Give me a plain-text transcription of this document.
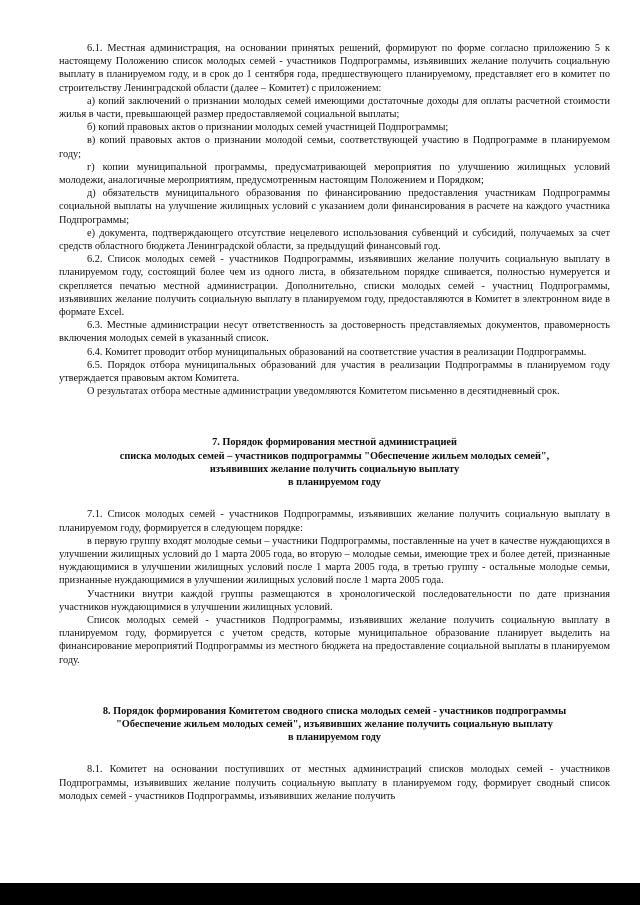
6.1. Местная администрация, на основании принятых решений, формируют по форме согласно приложению 5 к настоящему Положению список молодых семей - участников Подпрограммы, изъявивших желание получить социальную выплату в планируемом году, и в срок до 1 сентября года, предшествующего планируемому, представляет его в комитет по строительству Ленинградской области (далее – Комитет) с приложением:

а) копий заключений о признании молодых семей имеющими достаточные доходы для оплаты расчетной стоимости жилья в части, превышающей размер предоставляемой социальной выплаты;

б) копий правовых актов о признании молодых семей участницей Подпрограммы;

в) копий правовых актов о признании молодой семьи, соответствующей участию в Подпрограмме в планируемом году;

г) копии муниципальной программы, предусматривающей мероприятия по улучшению жилищных условий молодежи, аналогичные мероприятиям, предусмотренным настоящим Положением и Порядком;

д) обязательств муниципального образования по финансированию предоставления участникам Подпрограммы социальной выплаты на улучшение жилищных условий с указанием доли финансирования в расчете на каждого участника Подпрограммы;

е) документа, подтверждающего отсутствие нецелевого использования субвенций и субсидий, получаемых за счет средств областного бюджета Ленинградской области, за предыдущий финансовый год.

6.2. Список молодых семей - участников Подпрограммы, изъявивших желание получить социальную выплату в планируемом году, состоящий более чем из одного листа, в обязательном порядке сшивается, полностью нумеруется и скрепляется печатью местной администрации. Дополнительно, списки молодых семей - участниц Подпрограммы, изъявивших желание получить социальную выплату в планируемом году, предоставляются в Комитет в электронном виде в формате Excel.

6.3. Местные администрации несут ответственность за достоверность представляемых документов, правомерность включения молодых семей в указанный список.

6.4. Комитет проводит отбор муниципальных образований на соответствие участия в реализации Подпрограммы.

6.5. Порядок отбора муниципальных образований для участия в реализации Подпрограммы в планируемом году утверждается правовым актом Комитета.

О результатах отбора местные администрации уведомляются Комитетом письменно в десятидневный срок.

7. Порядок формирования местной администрацией

списка молодых семей – участников подпрограммы "Обеспечение жильем молодых семей",

изъявивших желание получить социальную выплату

в планируемом году

7.1. Список молодых семей - участников Подпрограммы, изъявивших желание получить социальную выплату в планируемом году, формируется в следующем порядке:

в первую группу входят молодые семьи – участники Подпрограммы, поставленные на учет в качестве нуждающихся в улучшении жилищных условий до 1 марта 2005 года, во вторую – молодые семьи, имеющие трех и более детей, признанные нуждающимися в улучшении жилищных условий после 1 марта 2005 года, в третью группу - остальные молодые семьи, признанные нуждающимися в улучшении жилищных условий после 1 марта 2005 года.

Участники внутри каждой группы размещаются в хронологической последовательности по дате признания участников нуждающимися в улучшении жилищных условий.

Список молодых семей - участников Подпрограммы, изъявивших желание получить социальную выплату в планируемом году, формируется с учетом средств, которые муниципальное образование планирует выделить на финансирование мероприятий Подпрограммы из местного бюджета на предоставление социальной выплаты в планируемом году.

8. Порядок формирования Комитетом сводного списка молодых семей - участников подпрограммы

"Обеспечение жильем молодых семей", изъявивших желание получить социальную выплату

в планируемом году

8.1. Комитет на основании поступивших от местных администраций списков молодых семей - участников Подпрограммы, изъявивших желание получить социальную выплату в планируемом году, формирует сводный список молодых семей - участников Подпрограммы, изъявивших желание получить
